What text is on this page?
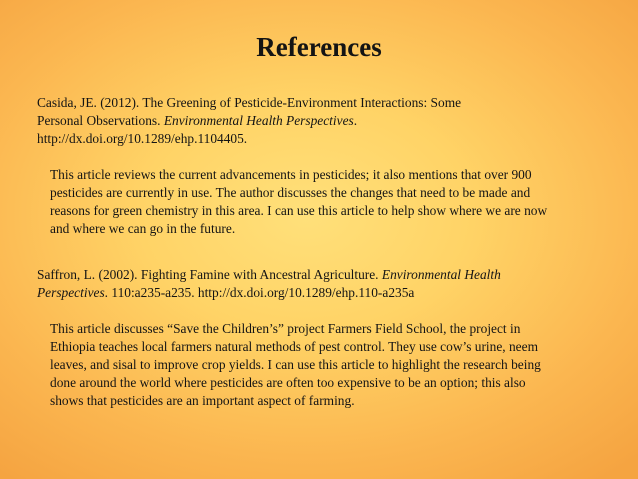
References

Casida, JE. (2012). The Greening of Pesticide-Environment Interactions: Some
Personal Observations. Environmental Health Perspectives.
http://dx.doi.org/10.1289/ehp.1104405.

This article reviews the current advancements in pesticides; it also mentions that over 900
pesticides are currently in use. The author discusses the changes that need to be made and
reasons for green chemistry in this area. I can use this article to help show where we are now
and where we can go in the future.

Saffron, L. (2002). Fighting Famine with Ancestral Agriculture. Environmental Health
Perspectives. 110:a235-a235. http://dx.doi.org/10.1289/ehp.110-a235a

This article discusses “Save the Children’s” project Farmers Field School, the project in
Ethiopia teaches local farmers natural methods of pest control. They use cow’s urine, neem
leaves, and sisal to improve crop yields. I can use this article to highlight the research being
done around the world where pesticides are often too expensive to be an option; this also
shows that pesticides are an important aspect of farming.
